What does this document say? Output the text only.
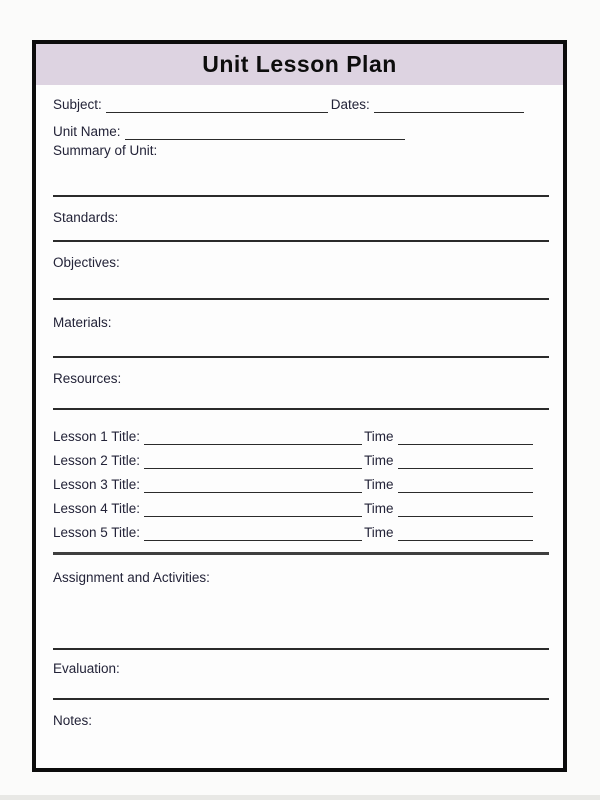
Unit Lesson Plan
Subject:	Dates:
Unit Name:
Summary of Unit:
Standards:
Objectives:
Materials:
Resources:
Lesson 1 Title:	Time
Lesson 2 Title:	Time
Lesson 3 Title:	Time
Lesson 4 Title:	Time
Lesson 5 Title:	Time
Assignment and Activities:
Evaluation:
Notes:
